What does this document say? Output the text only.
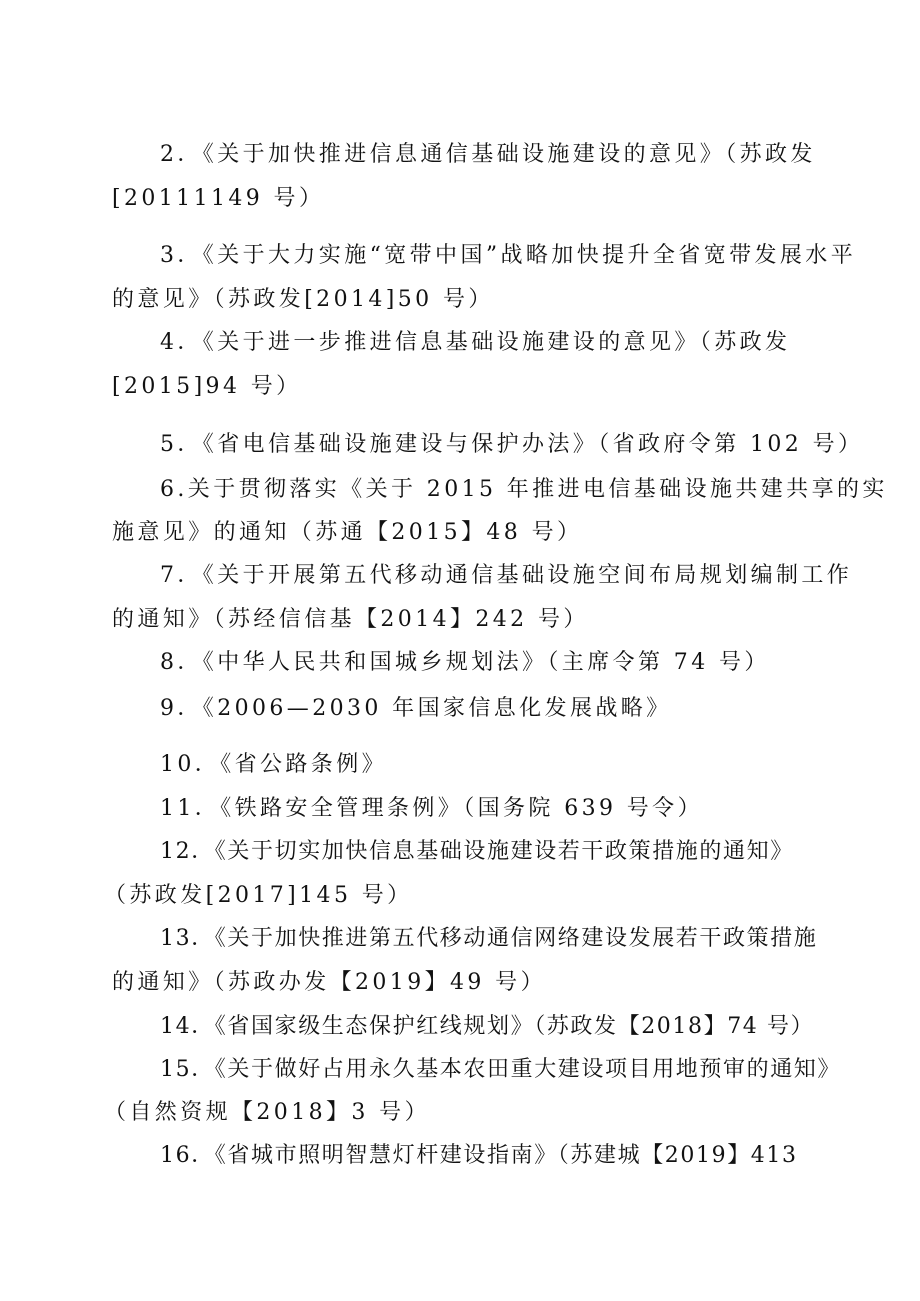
2．《关于加快推进信息通信基础设施建设的意见》（苏政发
[20111149 号）
3．《关于大力实施“宽带中国”战略加快提升全省宽带发展水平
的意见》（苏政发[2014]50 号）
4．《关于进一步推进信息基础设施建设的意见》（苏政发
[2015]94 号）
5．《省电信基础设施建设与保护办法》（省政府令第 102 号）
6.关于贯彻落实《关于 2015 年推进电信基础设施共建共享的实
施意见》的通知（苏通【2015】48 号）
7．《关于开展第五代移动通信基础设施空间布局规划编制工作
的通知》（苏经信信基【2014】242 号）
8．《中华人民共和国城乡规划法》（主席令第 74 号）
9．《2006—2030 年国家信息化发展战略》
10．《省公路条例》
11．《铁路安全管理条例》（国务院 639 号令）
12．《关于切实加快信息基础设施建设若干政策措施的通知》
（苏政发[2017]145 号）
13．《关于加快推进第五代移动通信网络建设发展若干政策措施
的通知》（苏政办发【2019】49 号）
14．《省国家级生态保护红线规划》（苏政发【2018】74 号）
15．《关于做好占用永久基本农田重大建设项目用地预审的通知》
（自然资规【2018】3 号）
16．《省城市照明智慧灯杆建设指南》（苏建城【2019】413
